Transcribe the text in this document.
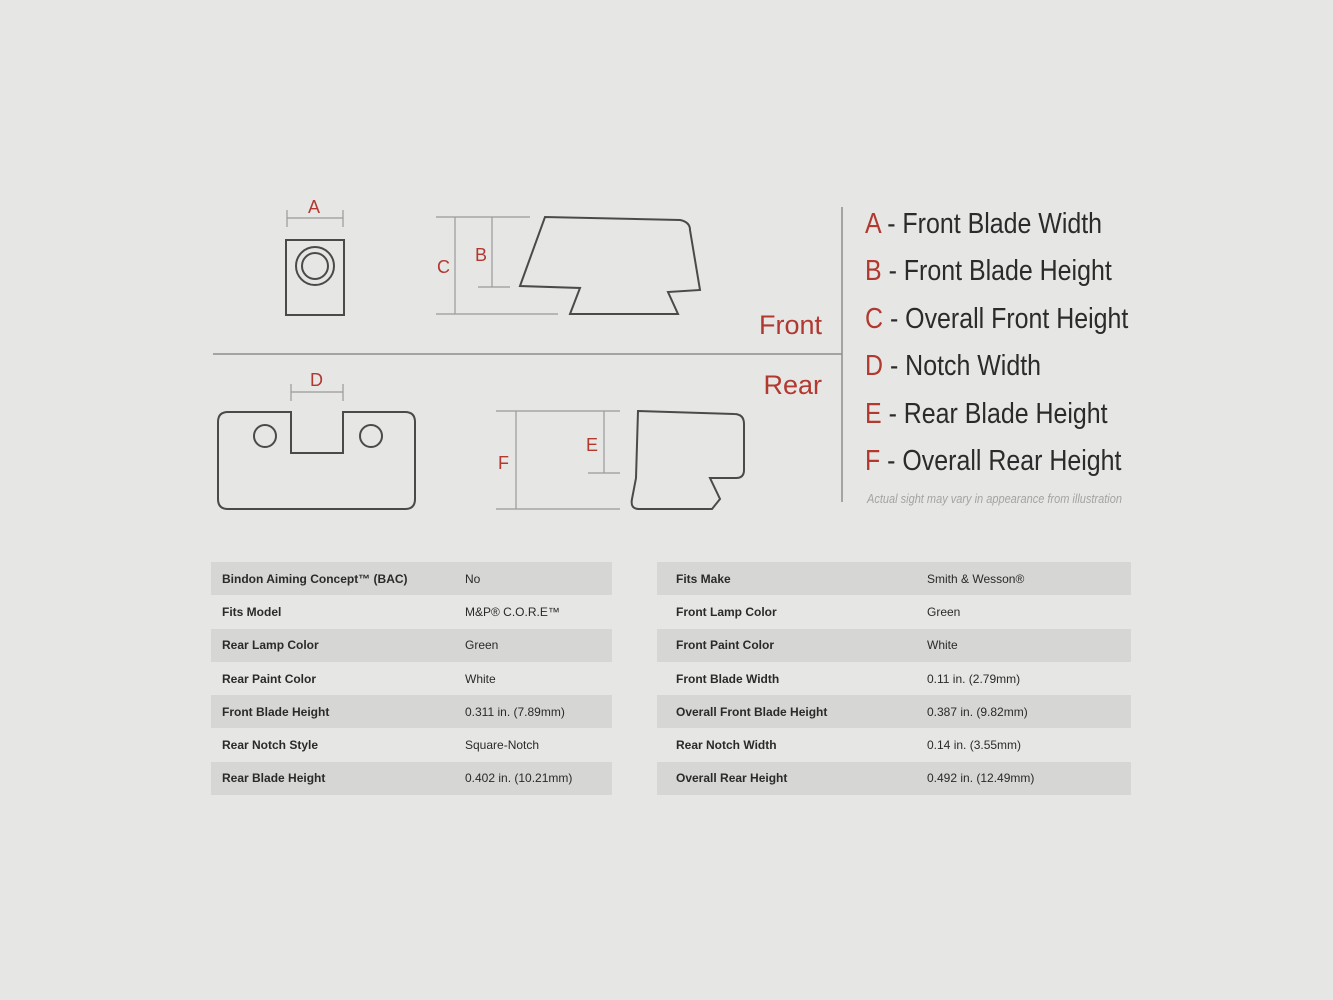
A
B
C
D
E
F
Front
Rear
A - Front Blade Width
B - Front Blade Height
C - Overall Front Height
D - Notch Width
E - Rear Blade Height
F - Overall Rear Height
Actual sight may vary in appearance from illustration
Bindon Aiming Concept™ (BAC)	No
Fits Model	M&P® C.O.R.E™
Rear Lamp Color	Green
Rear Paint Color	White
Front Blade Height	0.311 in. (7.89mm)
Rear Notch Style	Square-Notch
Rear Blade Height	0.402 in. (10.21mm)
Fits Make	Smith & Wesson®
Front Lamp Color	Green
Front Paint Color	White
Front Blade Width	0.11 in. (2.79mm)
Overall Front Blade Height	0.387 in. (9.82mm)
Rear Notch Width	0.14 in. (3.55mm)
Overall Rear Height	0.492 in. (12.49mm)
